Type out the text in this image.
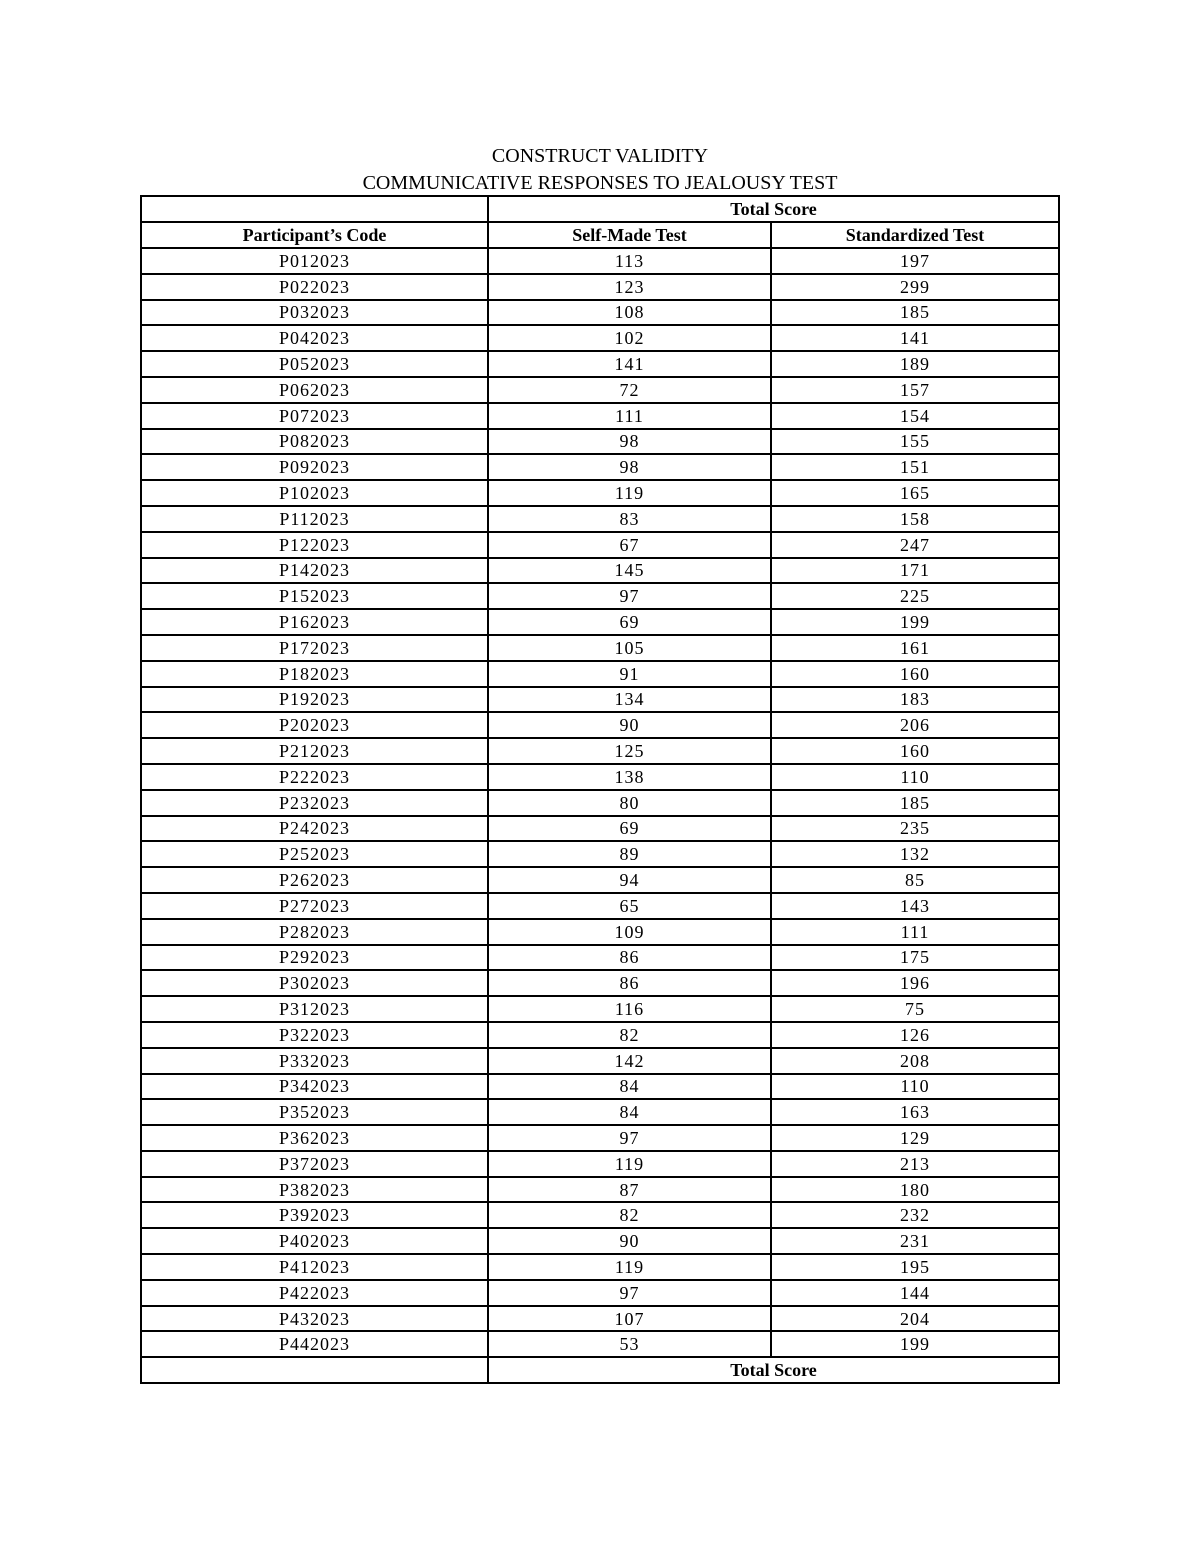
CONSTRUCT VALIDITY
COMMUNICATIVE RESPONSES TO JEALOUSY TEST
	Total Score	
Participant’s Code	Self-Made Test	Standardized Test
P012023	113	197
P022023	123	299
P032023	108	185
P042023	102	141
P052023	141	189
P062023	72	157
P072023	111	154
P082023	98	155
P092023	98	151
P102023	119	165
P112023	83	158
P122023	67	247
P142023	145	171
P152023	97	225
P162023	69	199
P172023	105	161
P182023	91	160
P192023	134	183
P202023	90	206
P212023	125	160
P222023	138	110
P232023	80	185
P242023	69	235
P252023	89	132
P262023	94	85
P272023	65	143
P282023	109	111
P292023	86	175
P302023	86	196
P312023	116	75
P322023	82	126
P332023	142	208
P342023	84	110
P352023	84	163
P362023	97	129
P372023	119	213
P382023	87	180
P392023	82	232
P402023	90	231
P412023	119	195
P422023	97	144
P432023	107	204
P442023	53	199
	Total Score	
